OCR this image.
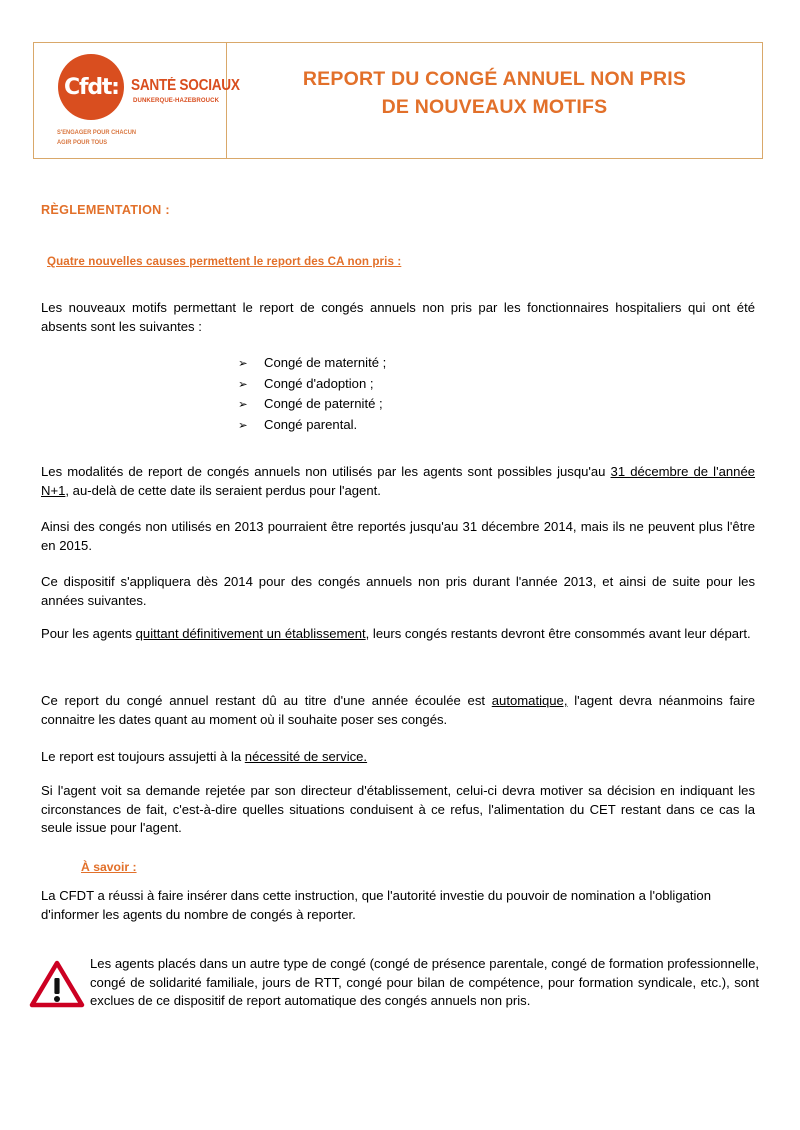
Cfdt: SANTÉ SOCIAUX
DUNKERQUE-HAZEBROUCK
S'ENGAGER POUR CHACUN
AGIR POUR TOUS
REPORT DU CONGÉ ANNUEL NON PRIS
DE NOUVEAUX MOTIFS
RÈGLEMENTATION :
Quatre nouvelles causes permettent le report des CA non pris :
Les nouveaux motifs permettant le report de congés annuels non pris par les fonctionnaires hospitaliers qui ont été absents sont les suivantes :
➢	Congé de maternité ;
➢	Congé d'adoption ;
➢	Congé de paternité ;
➢	Congé parental.
Les modalités de report de congés annuels non utilisés par les agents sont possibles jusqu'au 31 décembre de l'année N+1, au-delà de cette date ils seraient perdus pour l'agent.
Ainsi des congés non utilisés en 2013 pourraient être reportés jusqu'au 31 décembre 2014, mais ils ne peuvent plus l'être en 2015.
Ce dispositif s'appliquera dès 2014 pour des congés annuels non pris durant l'année 2013, et ainsi de suite pour les années suivantes.
Pour les agents quittant définitivement un établissement, leurs congés restants devront être consommés avant leur départ.
Ce report du congé annuel restant dû au titre d'une année écoulée est automatique, l'agent devra néanmoins faire connaitre les dates quant au moment où il souhaite poser ses congés.
Le report est toujours assujetti à la nécessité de service.
Si l'agent voit sa demande rejetée par son directeur d'établissement, celui-ci devra motiver sa décision en indiquant les circonstances de fait, c'est-à-dire quelles situations conduisent à ce refus, l'alimentation du CET restant dans ce cas la seule issue pour l'agent.
À savoir :
La CFDT a réussi à faire insérer dans cette instruction, que l'autorité investie du pouvoir de nomination a l'obligation d'informer les agents du nombre de congés à reporter.
Les agents placés dans un autre type de congé (congé de présence parentale, congé de formation professionnelle, congé de solidarité familiale, jours de RTT, congé pour bilan de compétence, pour formation syndicale, etc.), sont exclues de ce dispositif de report automatique des congés annuels non pris.
